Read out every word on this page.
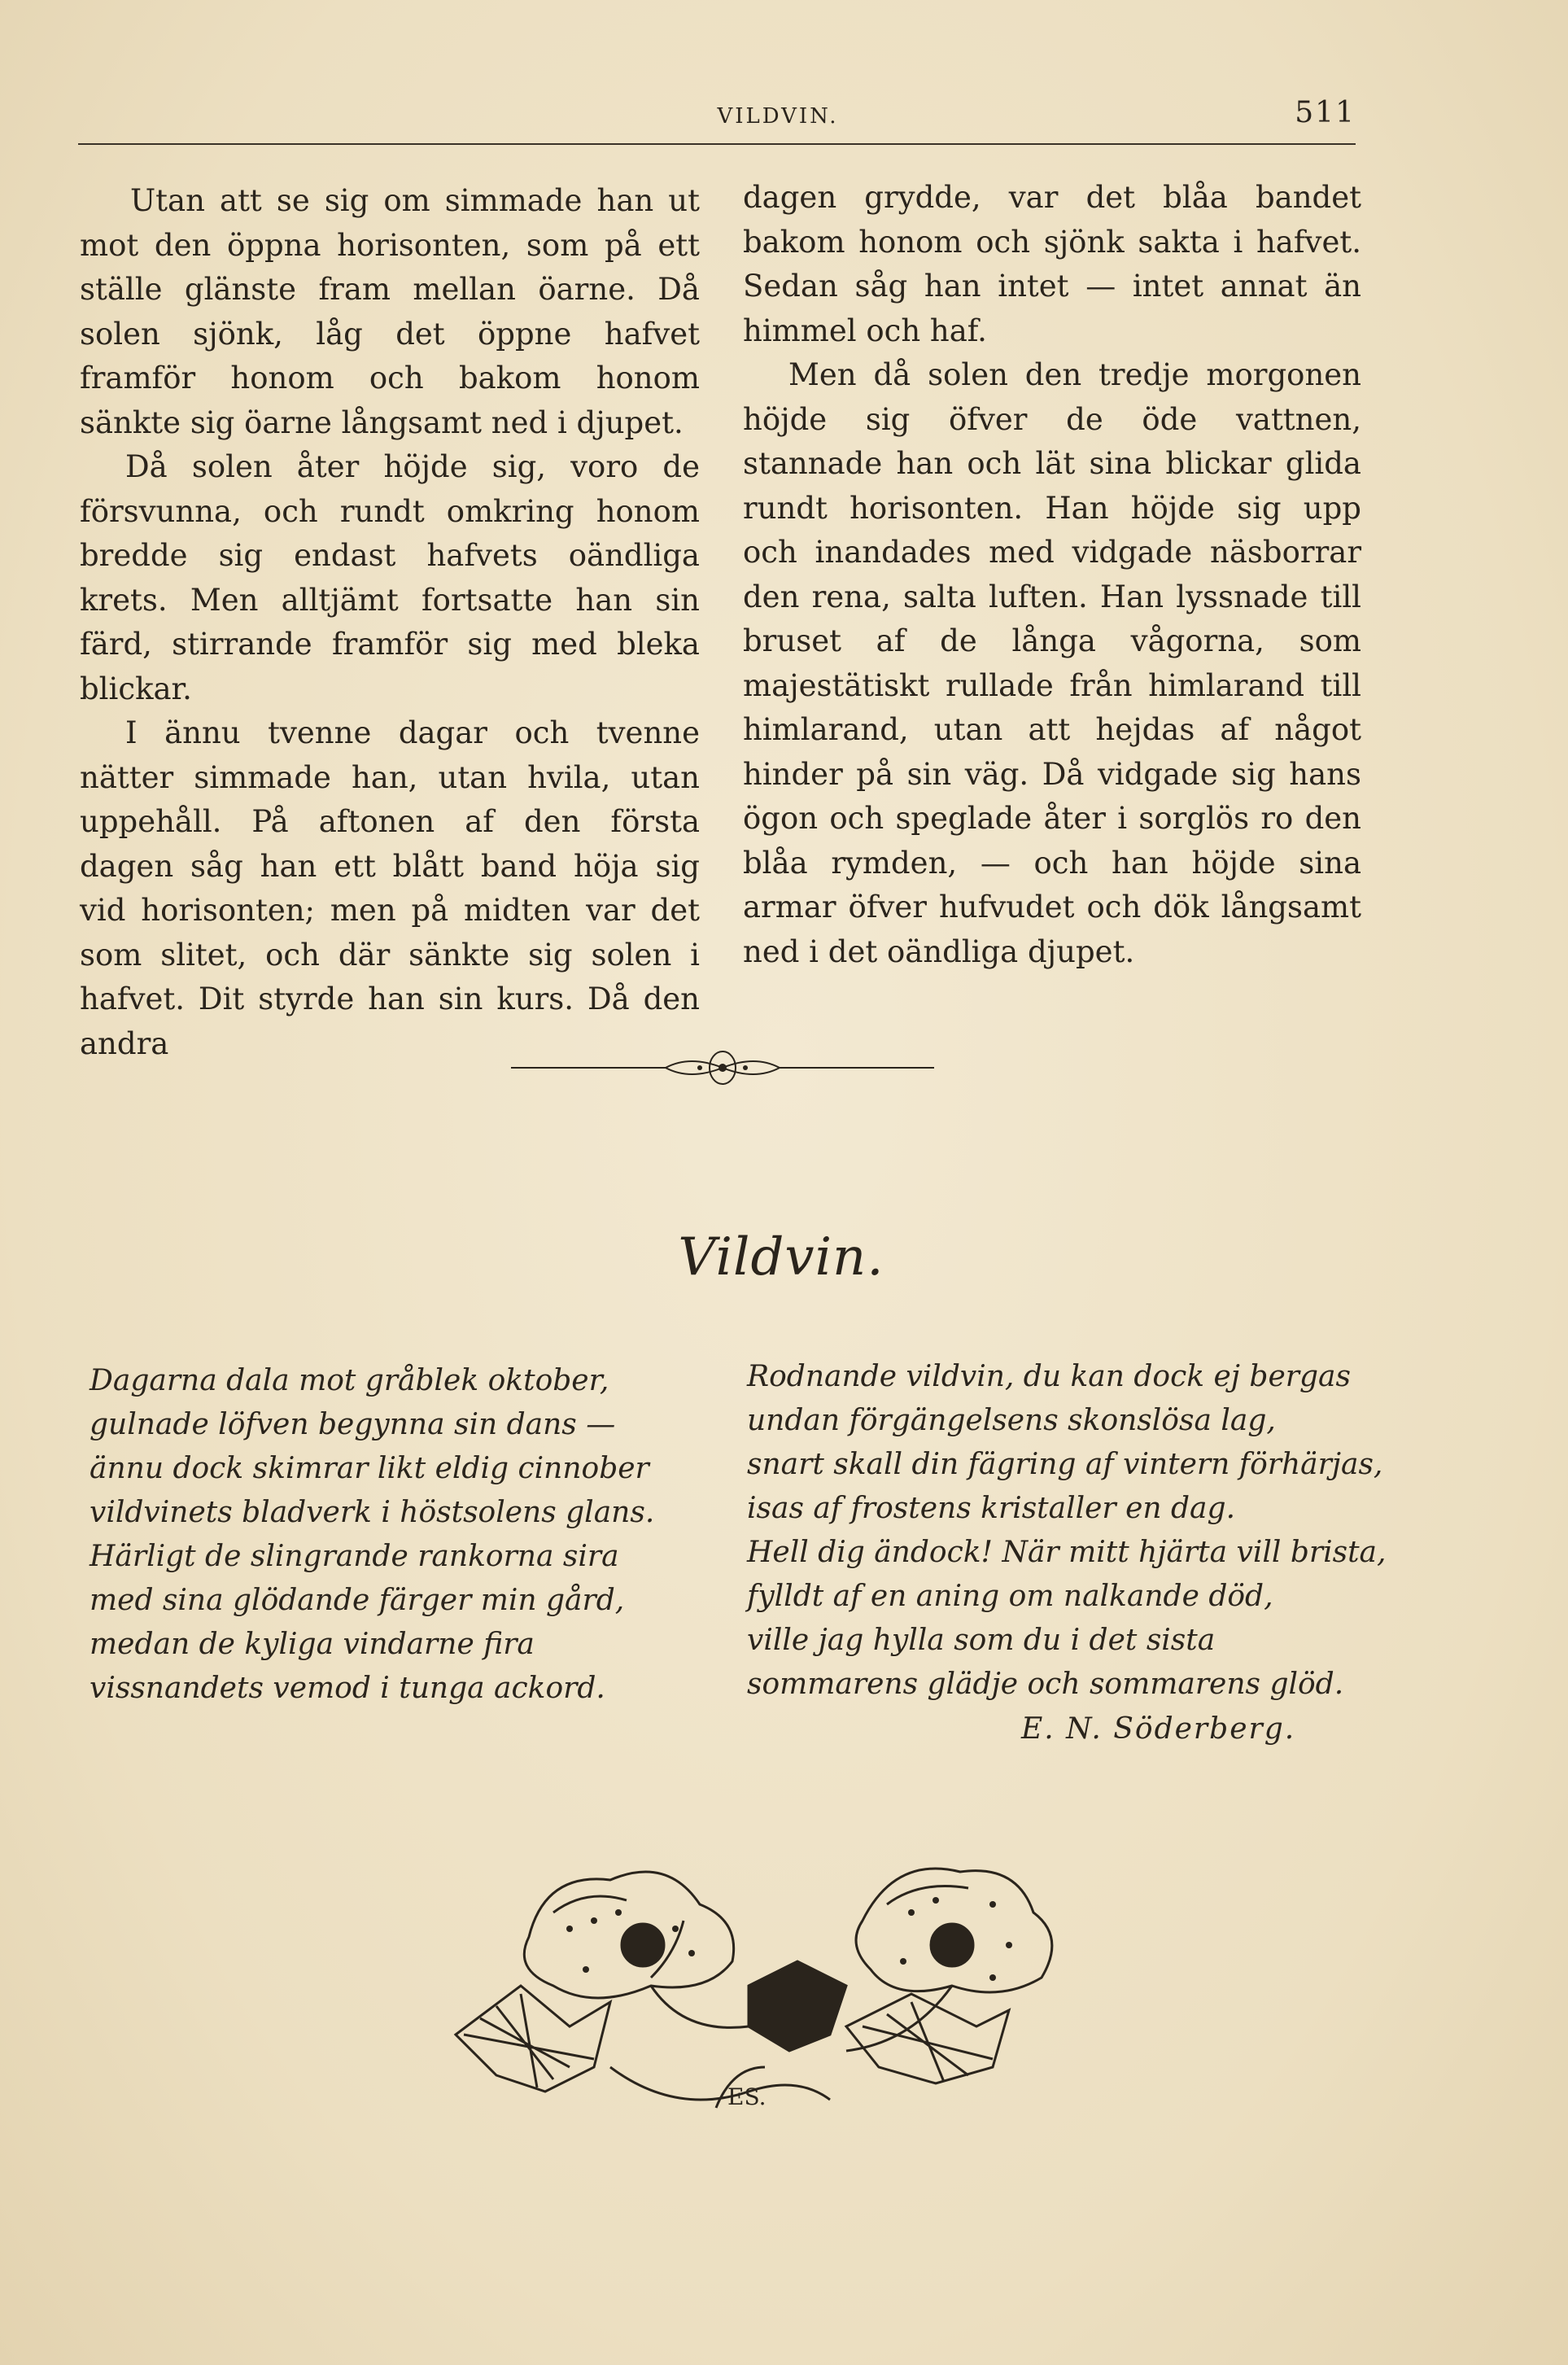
VILDVIN.	511

Utan att se sig om simmade han ut mot den öppna horisonten, som på ett ställe glänste fram mellan öarne. Då solen sjönk, låg det öppne hafvet framför honom och bakom honom sänkte sig öarne långsamt ned i djupet.

Då solen åter höjde sig, voro de försvunna, och rundt omkring honom bredde sig endast hafvets oändliga krets. Men alltjämt fortsatte han sin färd, stirrande framför sig med bleka blickar.

I ännu tvenne dagar och tvenne nätter simmade han, utan hvila, utan uppehåll. På aftonen af den första dagen såg han ett blått band höja sig vid horisonten; men på midten var det som slitet, och där sänkte sig solen i hafvet. Dit styrde han sin kurs. Då den andra

dagen grydde, var det blåa bandet bakom honom och sjönk sakta i hafvet. Sedan såg han intet — intet annat än himmel och haf.

Men då solen den tredje morgonen höjde sig öfver de öde vattnen, stannade han och lät sina blickar glida rundt horisonten. Han höjde sig upp och inandades med vidgade näsborrar den rena, salta luften. Han lyssnade till bruset af de långa vågorna, som majestätiskt rullade från himlarand till himlarand, utan att hejdas af något hinder på sin väg. Då vidgade sig hans ögon och speglade åter i sorglös ro den blåa rymden, — och han höjde sina armar öfver hufvudet och dök långsamt ned i det oändliga djupet.

Vildvin.
Dagarna dala mot gråblek oktober,
gulnade löfven begynna sin dans —
ännu dock skimrar likt eldig cinnober
vildvinets bladverk i höstsolens glans.
Härligt de slingrande rankorna sira
med sina glödande färger min gård,
medan de kyliga vindarne fira
vissnandets vemod i tunga ackord.
Rodnande vildvin, du kan dock ej bergas
undan förgängelsens skonslösa lag,
snart skall din fägring af vintern förhärjas,
isas af frostens kristaller en dag.
Hell dig ändock! När mitt hjärta vill brista,
fylldt af en aning om nalkande död,
ville jag hylla som du i det sista
sommarens glädje och sommarens glöd.
E. N. Söderberg.
ES.
